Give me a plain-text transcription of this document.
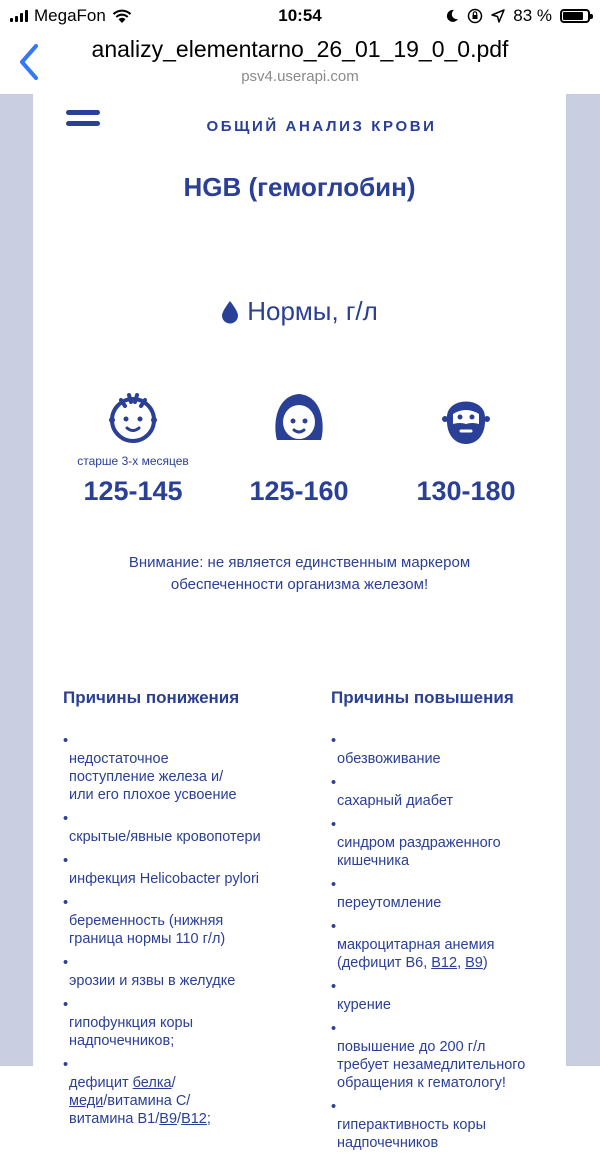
MegaFon	10:54	83 %
analizy_elementarno_26_01_19_0_0.pdf
psv4.userapi.com
ОБЩИЙ АНАЛИЗ КРОВИ
HGB (гемоглобин)
Нормы, г/л
старше 3-х месяцев
125-145	125-160	130-180
Внимание: не является единственным маркером
обеспеченности организма железом!
Причины понижения
• недостаточное
поступление железа и/
или его плохое усвоение
• скрытые/явные кровопотери
• инфекция Helicobacter pylori
• беременность (нижняя
граница нормы 110 г/л)
• эрозии и язвы в желудке
• гипофункция коры
надпочечников;
• дефицит белка/
меди/витамина С/
витамина В1/В9/В12;
Причины повышения
• обезвоживание
• сахарный диабет
• синдром раздраженного
кишечника
• переутомление
• макроцитарная анемия
(дефицит В6, В12, В9)
• курение
• повышение до 200 г/л
требует незамедлительного
обращения к гематологу!
• гиперактивность коры
надпочечников
